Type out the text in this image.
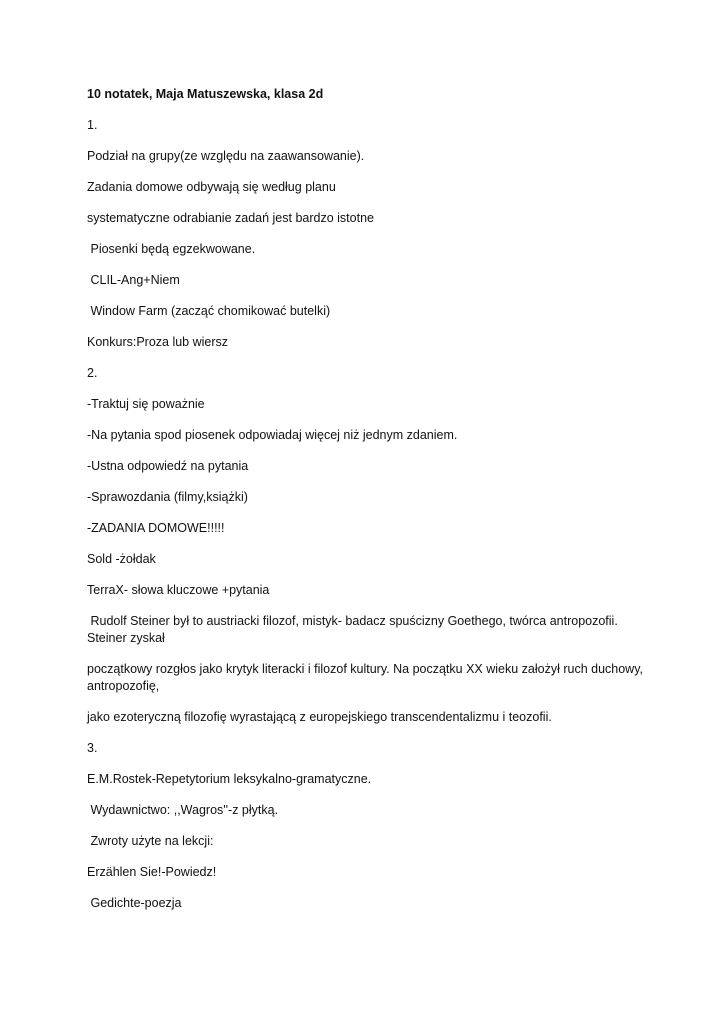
10 notatek, Maja Matuszewska, klasa 2d
1.
Podział na grupy(ze względu na zaawansowanie).
Zadania domowe odbywają się według planu
systematyczne odrabianie zadań jest bardzo istotne
Piosenki będą egzekwowane.
CLIL-Ang+Niem
Window Farm (zacząć chomikować butelki)
Konkurs:Proza lub wiersz
2.
-Traktuj się poważnie
-Na pytania spod piosenek odpowiadaj więcej niż jednym zdaniem.
-Ustna odpowiedź na pytania
-Sprawozdania (filmy,książki)
-ZADANIA DOMOWE!!!!!
Sold -żołdak
TerraX- słowa kluczowe +pytania
Rudolf Steiner był to austriacki filozof, mistyk- badacz spuścizny Goethego, twórca antropozofii. Steiner zyskał
początkowy rozgłos jako krytyk literacki i filozof kultury. Na początku XX wieku założył ruch duchowy, antropozofię,
jako ezoteryczną filozofię wyrastającą z europejskiego transcendentalizmu i teozofii.
3.
E.M.Rostek-Repetytorium leksykalno-gramatyczne.
Wydawnictwo: ,,Wagros''-z płytką.
Zwroty użyte na lekcji:
Erzählen Sie!-Powiedz!
Gedichte-poezja
